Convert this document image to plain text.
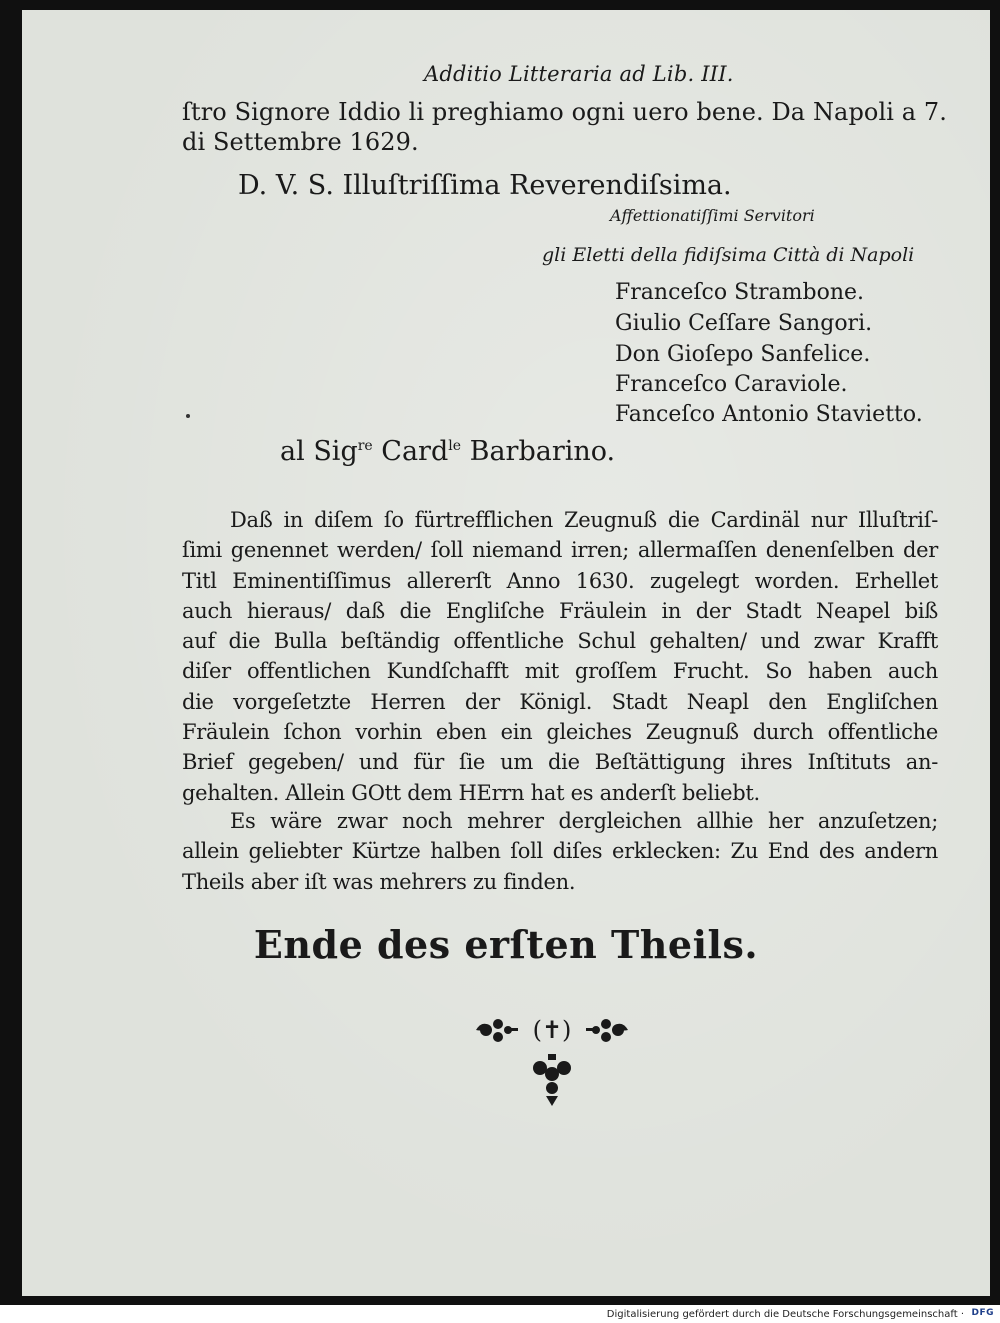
Additio Litteraria ad Lib. III.

ſtro Signore Iddio li preghiamo ogni uero bene. Da Napoli a 7.

di Settembre 1629.

D. V. S. Illuſtriſſima Reverendiſsima.

Affettionatiſſimi Servitori

gli Eletti della fidiſsima Città di Napoli

Franceſco Strambone.

Giulio Ceſſare Sangori.

Don Gioſepo Sanfelice.

Franceſco Caraviole.

Fanceſco Antonio Stavietto.

al Sig$^{re}$ Card$^{le}$ Barbarino.

Daß in diſem ſo fürtrefflichen Zeugnuß die Cardinäl nur Illuſtriſ-
ſimi genennet werden/ ſoll niemand irren; allermaſſen denenſelben der
Titl Eminentiſſimus allererſt Anno 1630. zugelegt worden. Erhellet
auch hieraus/ daß die Engliſche Fräulein in der Stadt Neapel biß
auf die Bulla beſtändig offentliche Schul gehalten/ und zwar Krafft
diſer offentlichen Kundſchafft mit groſſem Frucht. So haben auch
die vorgeſetzte Herren der Königl. Stadt Neapl den Engliſchen
Fräulein ſchon vorhin eben ein gleiches Zeugnuß durch offentliche
Brief gegeben/ und für ſie um die Beſtättigung ihres Inſtituts an-
gehalten. Allein GOtt dem HErrn hat es anderſt beliebt.
Es wäre zwar noch mehrer dergleichen allhie her anzuſetzen;
allein geliebter Kürtze halben ſoll diſes erklecken: Zu End des andern
Theils aber iſt was mehrers zu finden.

Ende des erſten Theils.

(✝)
Digitalisierung gefördert durch die Deutsche Forschungsgemeinschaft · DFG
